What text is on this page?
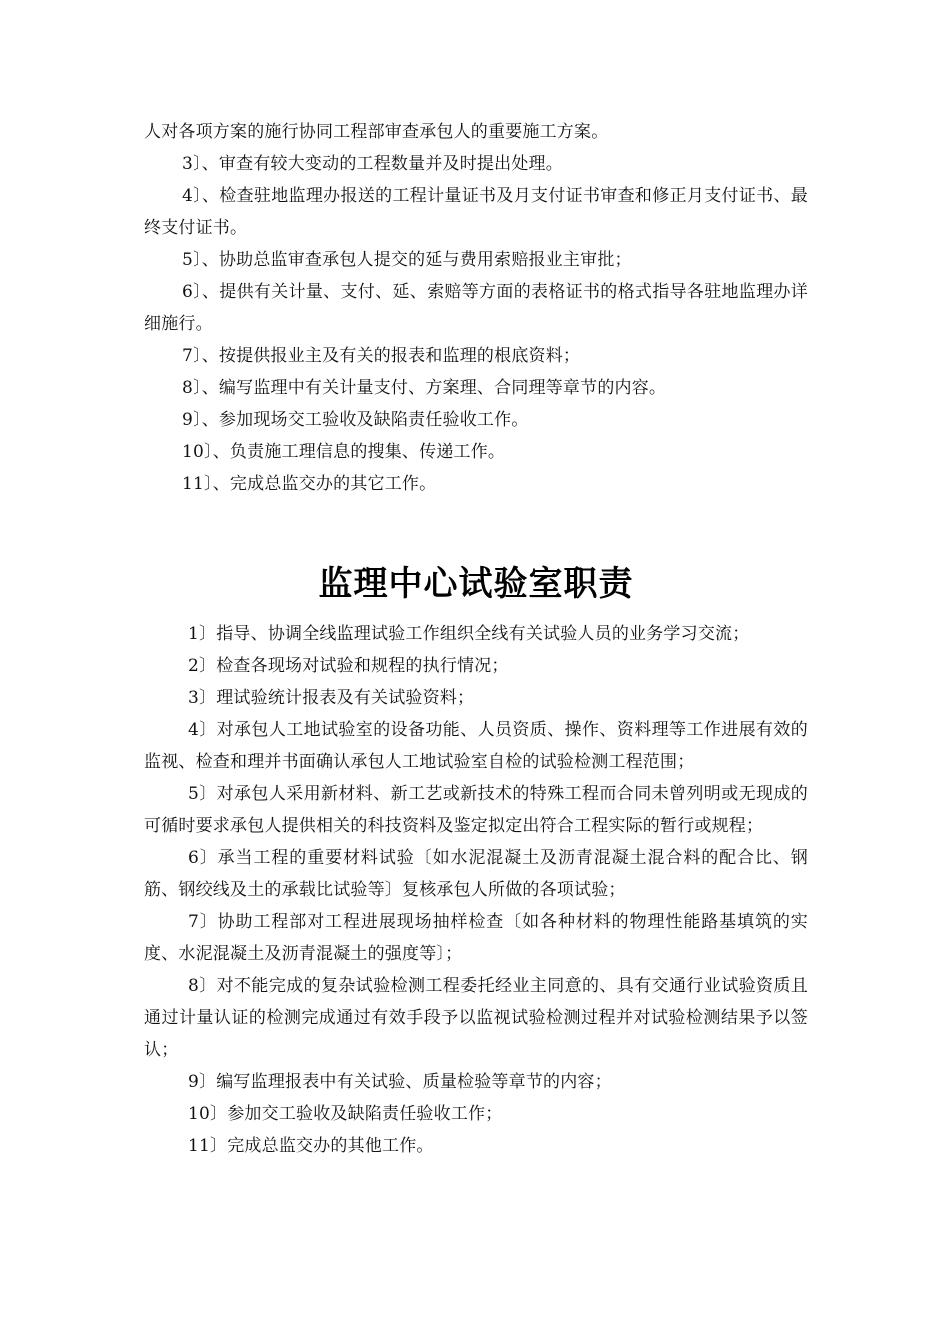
人对各项方案的施行协同工程部审查承包人的重要施工方案。

3〕、审查有较大变动的工程数量并及时提出处理。

4〕、检查驻地监理办报送的工程计量证书及月支付证书审查和修正月支付证书、最终支付证书。

5〕、协助总监审查承包人提交的延与费用索赔报业主审批；

6〕、提供有关计量、支付、延、索赔等方面的表格证书的格式指导各驻地监理办详细施行。

7〕、按提供报业主及有关的报表和监理的根底资料；

8〕、编写监理中有关计量支付、方案理、合同理等章节的内容。

9〕、参加现场交工验收及缺陷责任验收工作。

10〕、负责施工理信息的搜集、传递工作。

11〕、完成总监交办的其它工作。

监理中心试验室职责

1〕指导、协调全线监理试验工作组织全线有关试验人员的业务学习交流；

2〕检查各现场对试验和规程的执行情况；

3〕理试验统计报表及有关试验资料；

4〕对承包人工地试验室的设备功能、人员资质、操作、资料理等工作进展有效的监视、检查和理并书面确认承包人工地试验室自检的试验检测工程范围；

5〕对承包人采用新材料、新工艺或新技术的特殊工程而合同未曾列明或无现成的可循时要求承包人提供相关的科技资料及鉴定拟定出符合工程实际的暂行或规程；

6〕承当工程的重要材料试验〔如水泥混凝土及沥青混凝土混合料的配合比、钢筋、钢绞线及土的承载比试验等〕复核承包人所做的各项试验；

7〕协助工程部对工程进展现场抽样检查〔如各种材料的物理性能路基填筑的实度、水泥混凝土及沥青混凝土的强度等〕；

8〕对不能完成的复杂试验检测工程委托经业主同意的、具有交通行业试验资质且通过计量认证的检测完成通过有效手段予以监视试验检测过程并对试验检测结果予以签认；

9〕编写监理报表中有关试验、质量检验等章节的内容；

10〕参加交工验收及缺陷责任验收工作；

11〕完成总监交办的其他工作。
